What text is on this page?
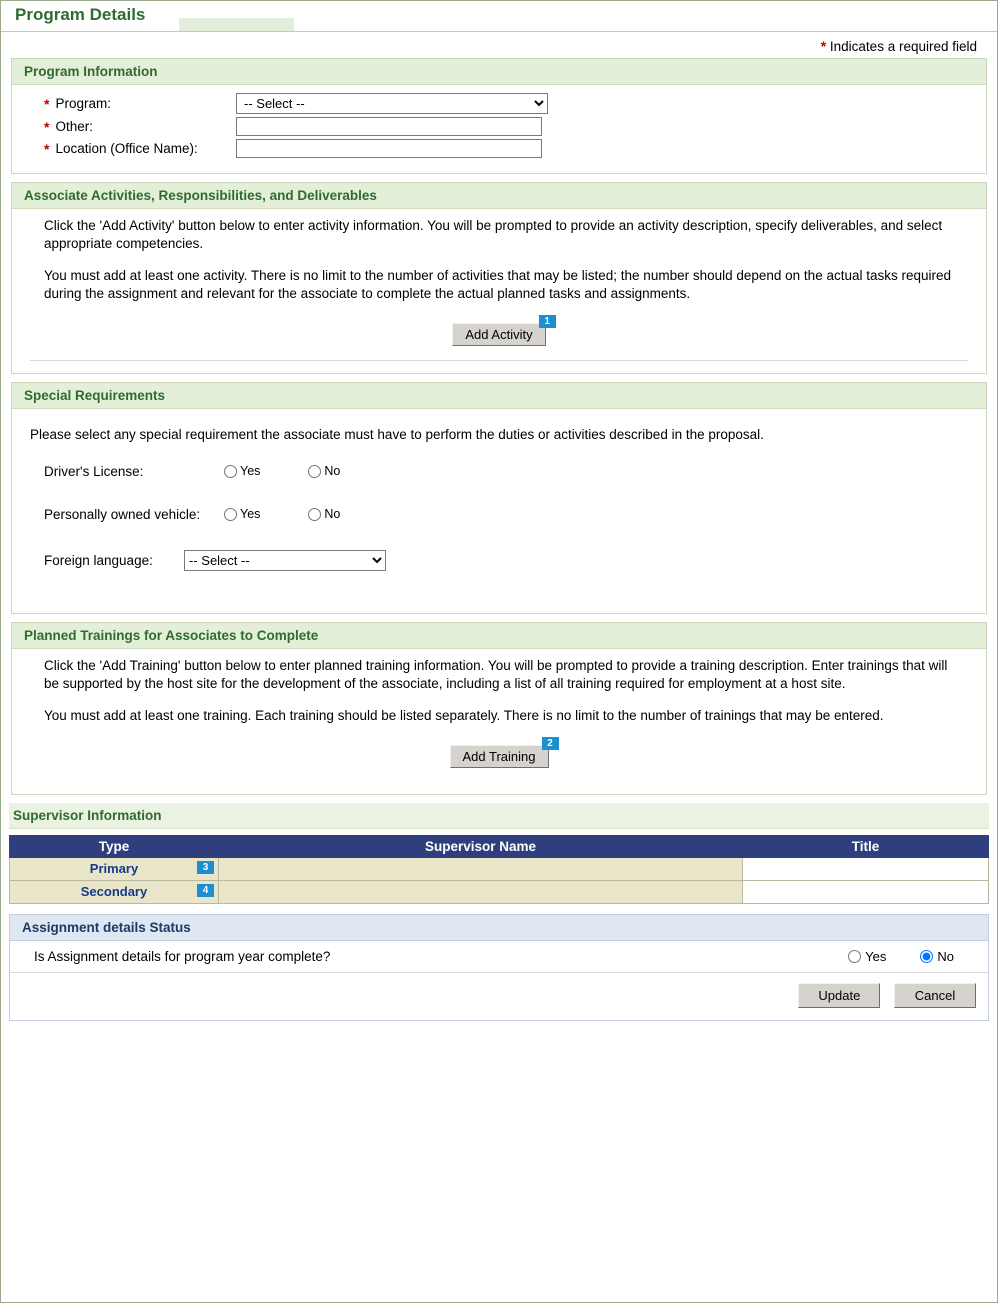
Program Details
* Indicates a required field
Program Information
* Program:
-- Select --
* Other:
* Location (Office Name):
Associate Activities, Responsibilities, and Deliverables

Click the 'Add Activity' button below to enter activity information. You will be prompted to provide an activity description, specify deliverables, and select appropriate competencies.

You must add at least one activity. There is no limit to the number of activities that may be listed; the number should depend on the actual tasks required during the assignment and relevant for the associate to complete the actual planned tasks and assignments.

Add Activity
1
Special Requirements
Please select any special requirement the associate must have to perform the duties or activities described in the proposal.
Driver's License:	Yes	No
Personally owned vehicle:	Yes	No
Foreign language:
-- Select --
Planned Trainings for Associates to Complete

Click the 'Add Training' button below to enter planned training information. You will be prompted to provide a training description. Enter trainings that will be supported by the host site for the development of the associate, including a list of all training required for employment at a host site.

You must add at least one training. Each training should be listed separately. There is no limit to the number of trainings that may be entered.

Add Training
2
Supervisor Information
Type	Supervisor Name	Title
Primary 3		

Secondary 4		

Assignment details Status
Is Assignment details for program year complete?	Yes	No
Update	Cancel
